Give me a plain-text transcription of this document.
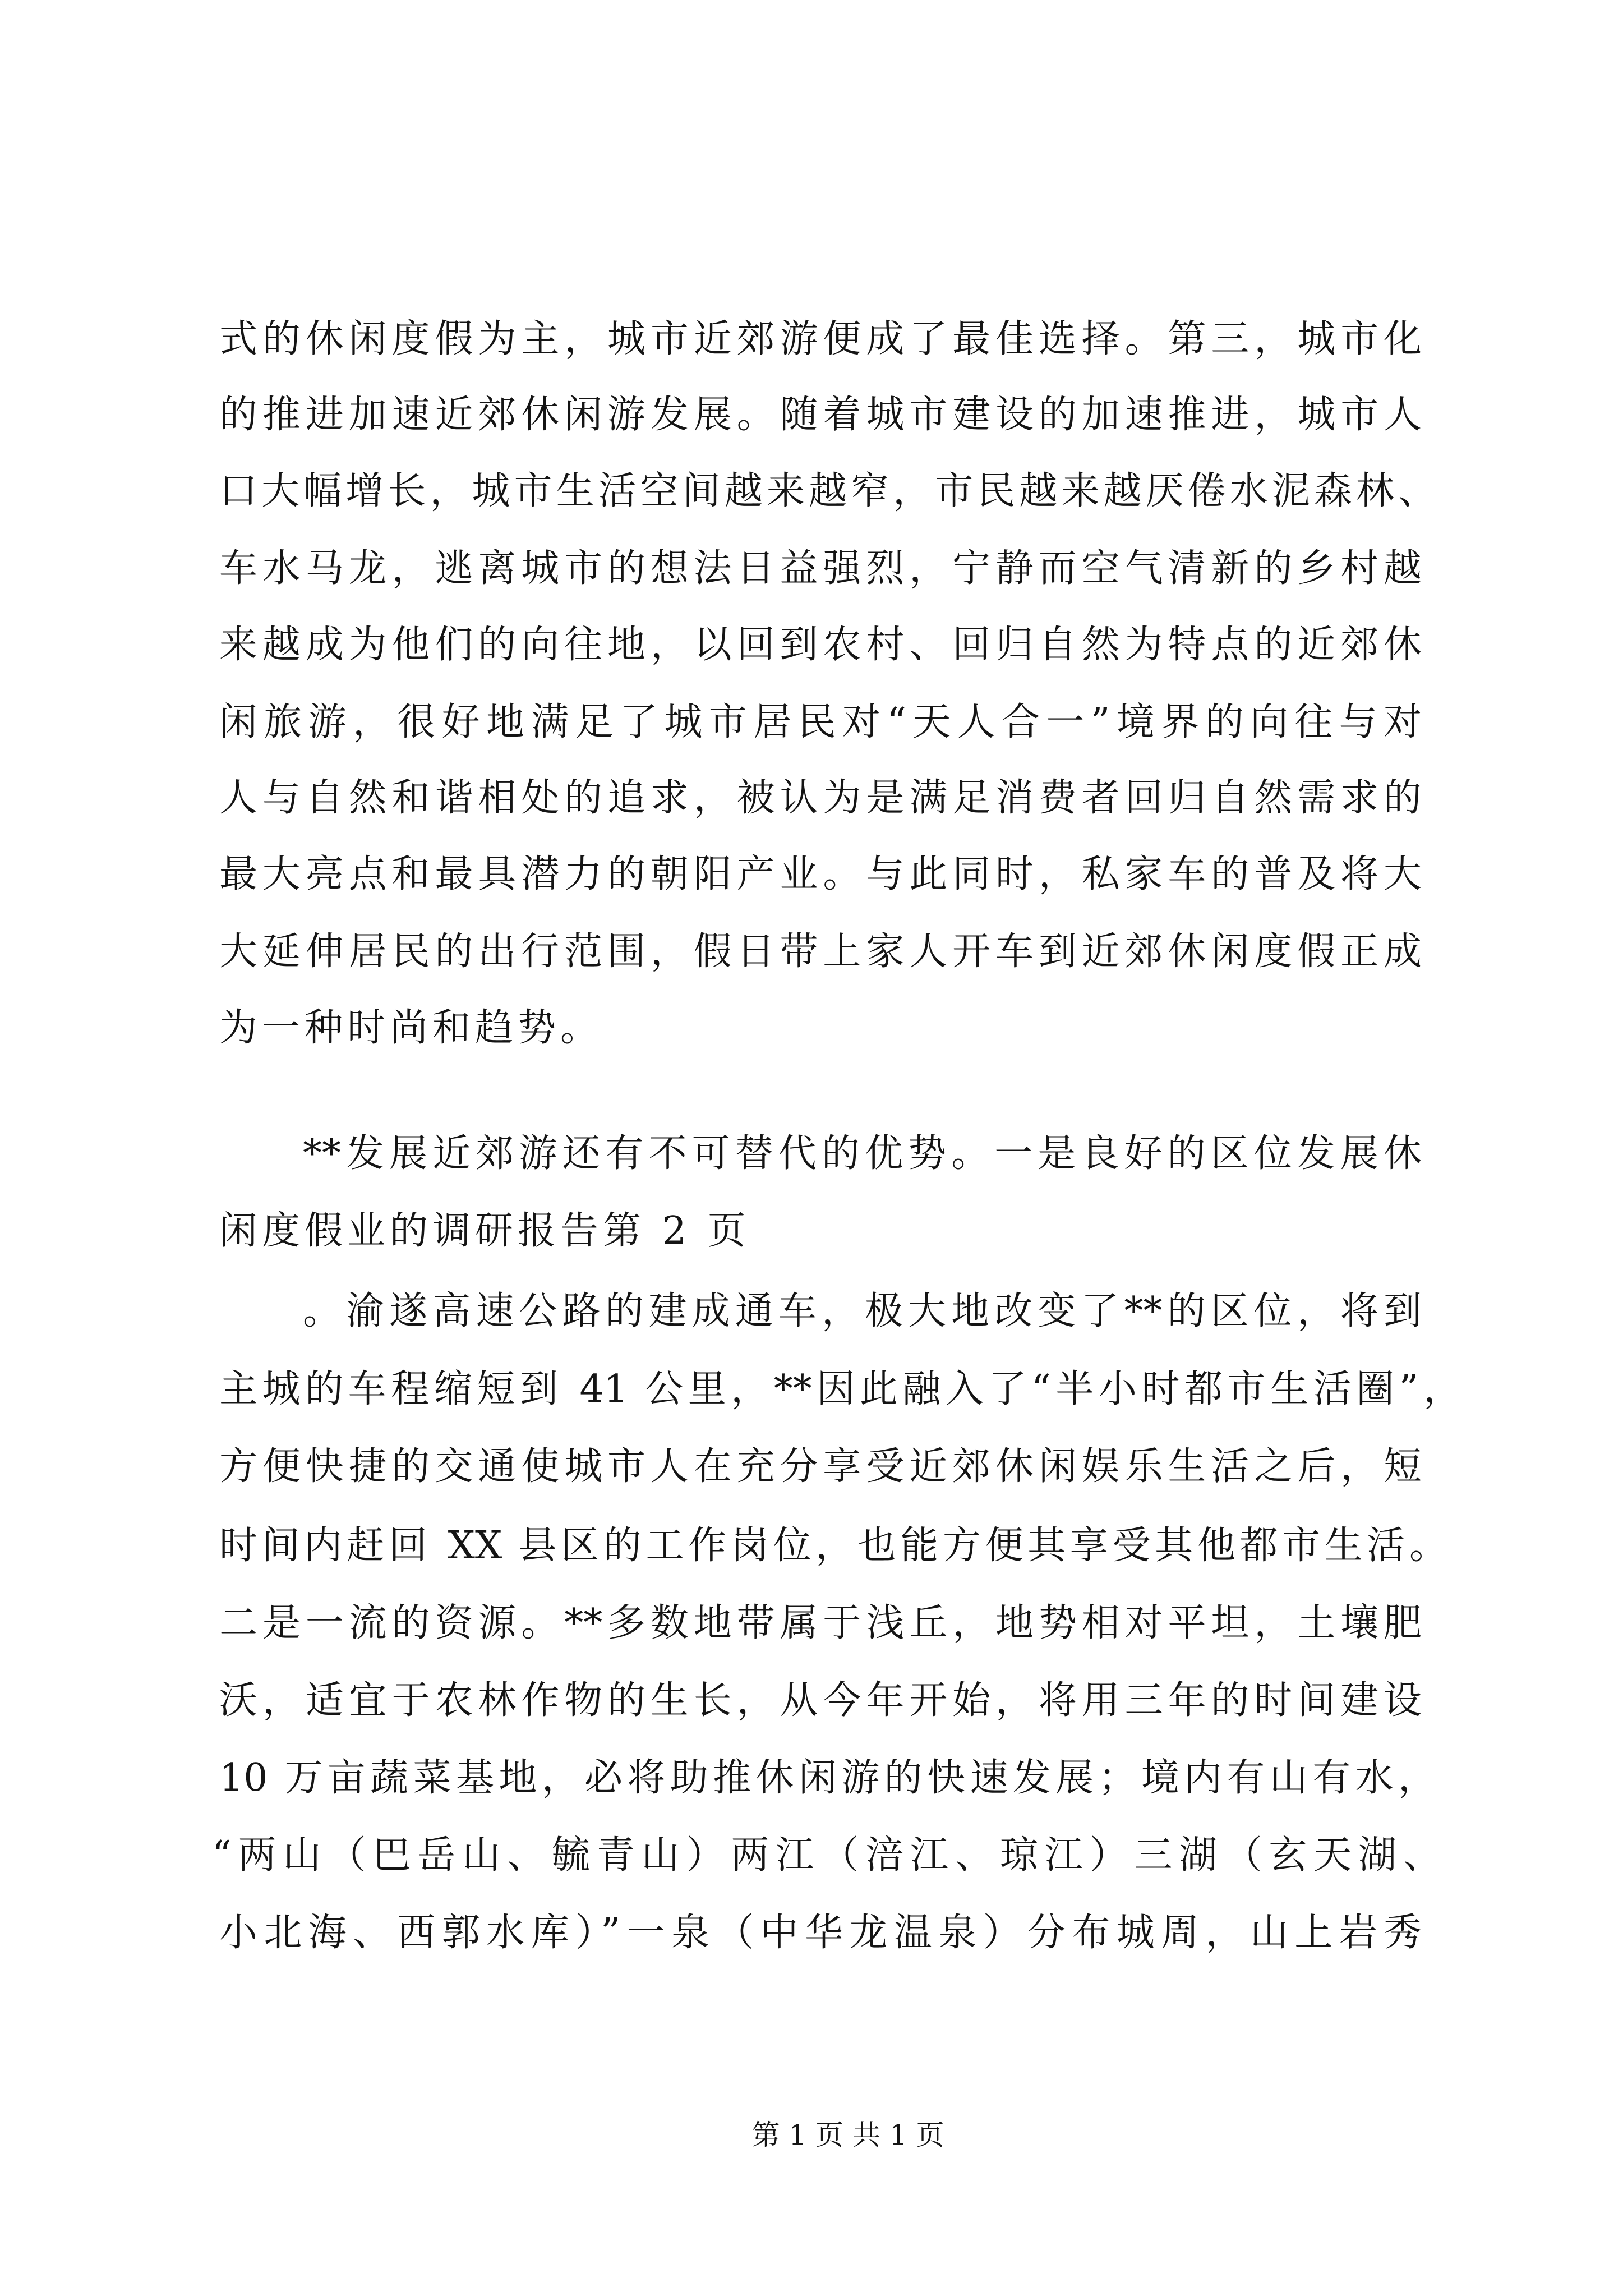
式的休闲度假为主，城市近郊游便成了最佳选择。第三，城市化
的推进加速近郊休闲游发展。随着城市建设的加速推进，城市人
口大幅增长，城市生活空间越来越窄，市民越来越厌倦水泥森林、
车水马龙，逃离城市的想法日益强烈，宁静而空气清新的乡村越
来越成为他们的向往地，以回到农村、回归自然为特点的近郊休
闲旅游，很好地满足了城市居民对“天人合一”境界的向往与对
人与自然和谐相处的追求，被认为是满足消费者回归自然需求的
最大亮点和最具潜力的朝阳产业。与此同时，私家车的普及将大
大延伸居民的出行范围，假日带上家人开车到近郊休闲度假正成
为一种时尚和趋势。
**发展近郊游还有不可替代的优势。一是良好的区位发展休
闲度假业的调研报告第 2 页
。渝遂高速公路的建成通车，极大地改变了**的区位，将到
主城的车程缩短到 41 公里，**因此融入了“半小时都市生活圈”，
方便快捷的交通使城市人在充分享受近郊休闲娱乐生活之后，短
时间内赶回 XX 县区的工作岗位，也能方便其享受其他都市生活。
二是一流的资源。**多数地带属于浅丘，地势相对平坦，土壤肥
沃，适宜于农林作物的生长，从今年开始，将用三年的时间建设
10 万亩蔬菜基地，必将助推休闲游的快速发展；境内有山有水，
“两山（巴岳山、毓青山）两江（涪江、琼江）三湖（玄天湖、
小北海、西郭水库）”一泉（中华龙温泉）分布城周，山上岩秀
第 1 页 共 1 页
